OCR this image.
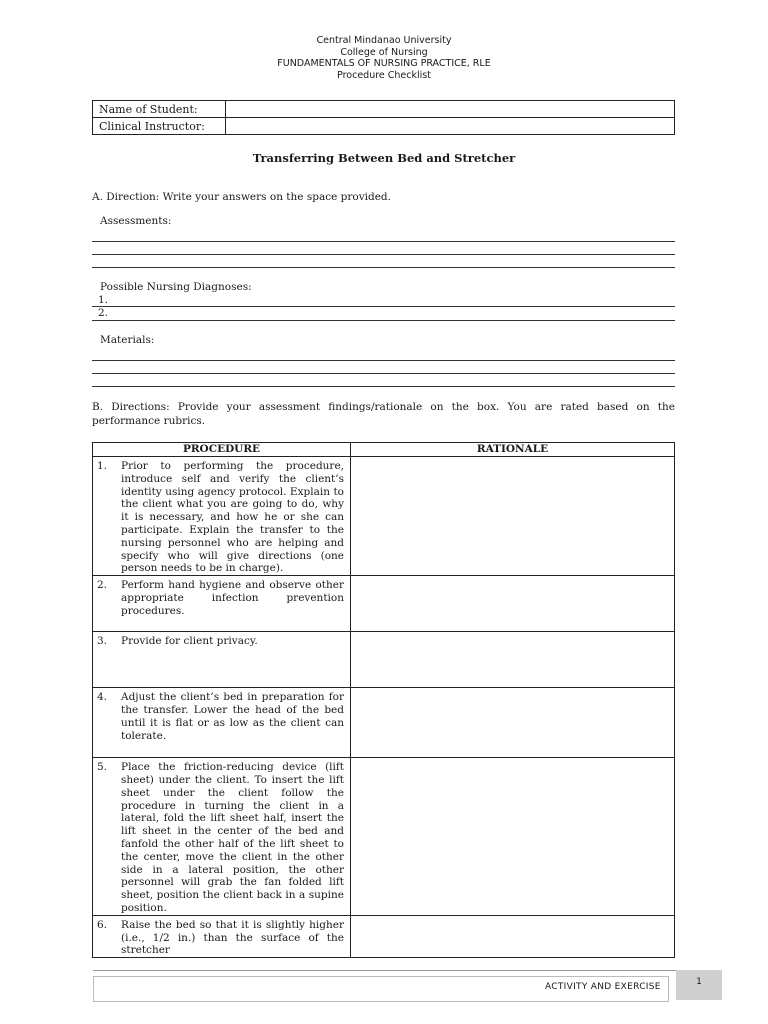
Central Mindanao University
College of Nursing
FUNDAMENTALS OF NURSING PRACTICE, RLE
Procedure Checklist
Name of Student:	
Clinical Instructor:	
Transferring Between Bed and Stretcher
A. Direction: Write your answers on the space provided.
Assessments:
Possible Nursing Diagnoses:
1.
2.
Materials:
B. Directions: Provide your assessment findings/rationale on the box. You are rated based on the performance rubrics.
PROCEDURE	RATIONALE

1. Prior to performing the procedure, introduce self and verify the client’s identity using agency protocol. Explain to the client what you are going to do, why it is necessary, and how he or she can participate. Explain the transfer to the nursing personnel who are helping and specify who will give directions (one person needs to be in charge).	

2. Perform hand hygiene and observe other appropriate infection prevention procedures.	

3. Provide for client privacy.	

4. Adjust the client’s bed in preparation for the transfer. Lower the head of the bed until it is flat or as low as the client can tolerate.	

5. Place the friction-reducing device (lift sheet) under the client. To insert the lift sheet under the client follow the procedure in turning the client in a lateral, fold the lift sheet half, insert the lift sheet in the center of the bed and fanfold the other half of the lift sheet to the center, move the client in the other side in a lateral position, the other personnel will grab the fan folded lift sheet, position the client back in a supine position.	

6. Raise the bed so that it is slightly higher (i.e., 1/2 in.) than the surface of the stretcher	

ACTIVITY AND EXERCISE	1
